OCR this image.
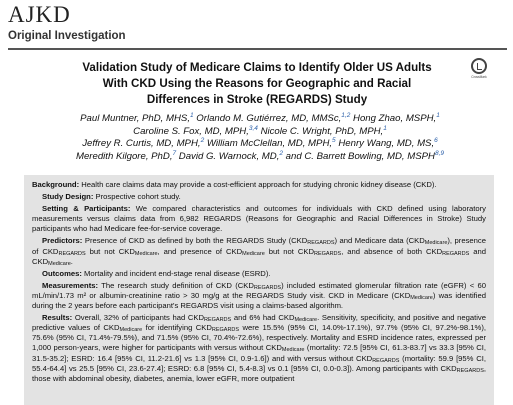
AJKD
Original Investigation
Validation Study of Medicare Claims to Identify Older US Adults
With CKD Using the Reasons for Geographic and Racial
Differences in Stroke (REGARDS) Study
CrossMark
Paul Muntner, PhD, MHS,$^1$ Orlando M. Gutiérrez, MD, MMSc,$^{1,2}$ Hong Zhao, MSPH,$^1$
Caroline S. Fox, MD, MPH,$^{3,4}$ Nicole C. Wright, PhD, MPH,$^1$
Jeffrey R. Curtis, MD, MPH,$^2$ William McClellan, MD, MPH,$^5$ Henry Wang, MD, MS,$^6$
Meredith Kilgore, PhD,$^7$ David G. Warnock, MD,$^2$ and C. Barrett Bowling, MD, MSPH$^{8,9}$

Background: Health care claims data may provide a cost-efficient approach for studying chronic kidney disease (CKD).

Study Design: Prospective cohort study.

Setting & Participants: We compared characteristics and outcomes for individuals with CKD defined using laboratory measurements versus claims data from 6,982 REGARDS (Reasons for Geographic and Racial Differences in Stroke) Study participants who had Medicare fee-for-service coverage.

Predictors: Presence of CKD as defined by both the REGARDS Study $(CKD_{REGARDS})$ and Medicare data $(CKD_{Medicare})$, presence of $CKD_{REGARDS}$ but not $CKD_{Medicare}$, and presence of $CKD_{Medicare}$ but not $CKD_{REGARDS}$, and absence of both $CKD_{REGARDS}$ and $CKD_{Medicare}$.

Outcomes: Mortality and incident end-stage renal disease (ESRD).

Measurements: The research study definition of CKD $(CKD_{REGARDS})$ included estimated glomerular filtration rate (eGFR) < 60 mL/min/1.73 m² or albumin-creatinine ratio > 30 mg/g at the REGARDS Study visit. CKD in Medicare $(CKD_{Medicare})$ was identified during the 2 years before each participant's REGARDS visit using a claims-based algorithm.

Results: Overall, 32% of participants had $CKD_{REGARDS}$ and 6% had $CKD_{Medicare}$. Sensitivity, specificity, and positive and negative predictive values of $CKD_{Medicare}$ for identifying $CKD_{REGARDS}$ were 15.5% (95% CI, 14.0%-17.1%), 97.7% (95% CI, 97.2%-98.1%), 75.6% (95% CI, 71.4%-79.5%), and 71.5% (95% CI, 70.4%-72.6%), respectively. Mortality and ESRD incidence rates, expressed per 1,000 person-years, were higher for participants with versus without $CKD_{Medicare}$ (mortality: 72.5 [95% CI, 61.3-83.7] vs 33.3 [95% CI, 31.5-35.2]; ESRD: 16.4 [95% CI, 11.2-21.6] vs 1.3 [95% CI, 0.9-1.6]) and with versus without $CKD_{REGARDS}$ (mortality: 59.9 [95% CI, 55.4-64.4] vs 25.5 [95% CI, 23.6-27.4]; ESRD: 6.8 [95% CI, 5.4-8.3] vs 0.1 [95% CI, 0.0-0.3]). Among participants with $CKD_{REGARDS}$, those with abdominal obesity, diabetes, anemia, lower eGFR, more outpatient
